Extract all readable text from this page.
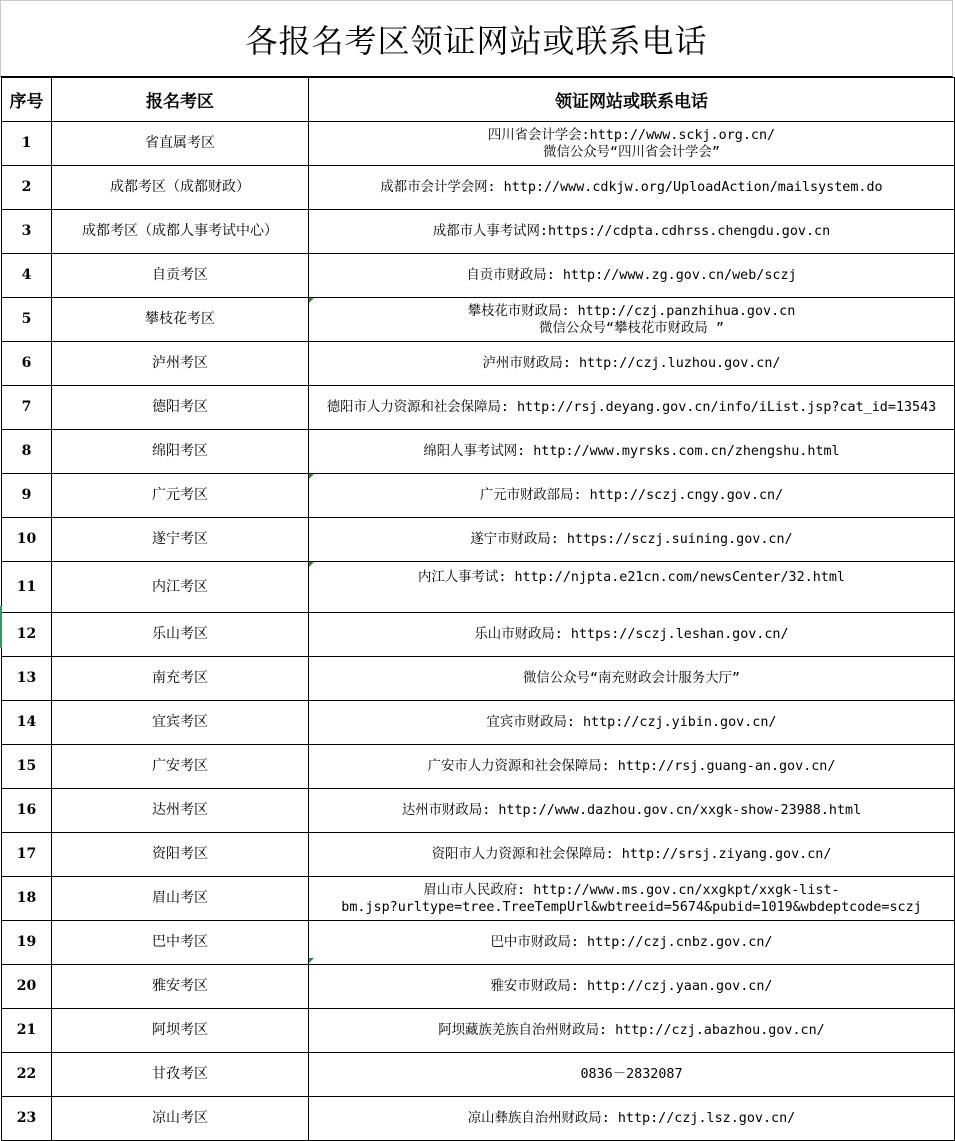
各报名考区领证网站或联系电话
序号	报名考区	领证网站或联系电话
1	省直属考区	四川省会计学会:http://www.sckj.org.cn/
微信公众号“四川省会计学会”
2	成都考区（成都财政）	成都市会计学会网: http://www.cdkjw.org/UploadAction/mailsystem.do
3	成都考区（成都人事考试中心）	成都市人事考试网:https://cdpta.cdhrss.chengdu.gov.cn
4	自贡考区	自贡市财政局: http://www.zg.gov.cn/web/sczj
5	攀枝花考区	攀枝花市财政局: http://czj.panzhihua.gov.cn
微信公众号“攀枝花市财政局 ”
6	泸州考区	泸州市财政局: http://czj.luzhou.gov.cn/
7	德阳考区	德阳市人力资源和社会保障局: http://rsj.deyang.gov.cn/info/iList.jsp?cat_id=13543
8	绵阳考区	绵阳人事考试网: http://www.myrsks.com.cn/zhengshu.html
9	广元考区	广元市财政部局: http://sczj.cngy.gov.cn/
10	遂宁考区	遂宁市财政局: https://sczj.suining.gov.cn/
11	内江考区	内江人事考试: http://njpta.e21cn.com/newsCenter/32.html
12	乐山考区	乐山市财政局: https://sczj.leshan.gov.cn/
13	南充考区	微信公众号“南充财政会计服务大厅”
14	宜宾考区	宜宾市财政局: http://czj.yibin.gov.cn/
15	广安考区	广安市人力资源和社会保障局: http://rsj.guang-an.gov.cn/
16	达州考区	达州市财政局: http://www.dazhou.gov.cn/xxgk-show-23988.html
17	资阳考区	资阳市人力资源和社会保障局: http://srsj.ziyang.gov.cn/
18	眉山考区	眉山市人民政府: http://www.ms.gov.cn/xxgkpt/xxgk-list-
bm.jsp?urltype=tree.TreeTempUrl&wbtreeid=5674&pubid=1019&wbdeptcode=sczj
19	巴中考区	巴中市财政局: http://czj.cnbz.gov.cn/
20	雅安考区	雅安市财政局: http://czj.yaan.gov.cn/
21	阿坝考区	阿坝藏族羌族自治州财政局: http://czj.abazhou.gov.cn/
22	甘孜考区	0836－2832087
23	凉山考区	凉山彝族自治州财政局: http://czj.lsz.gov.cn/
